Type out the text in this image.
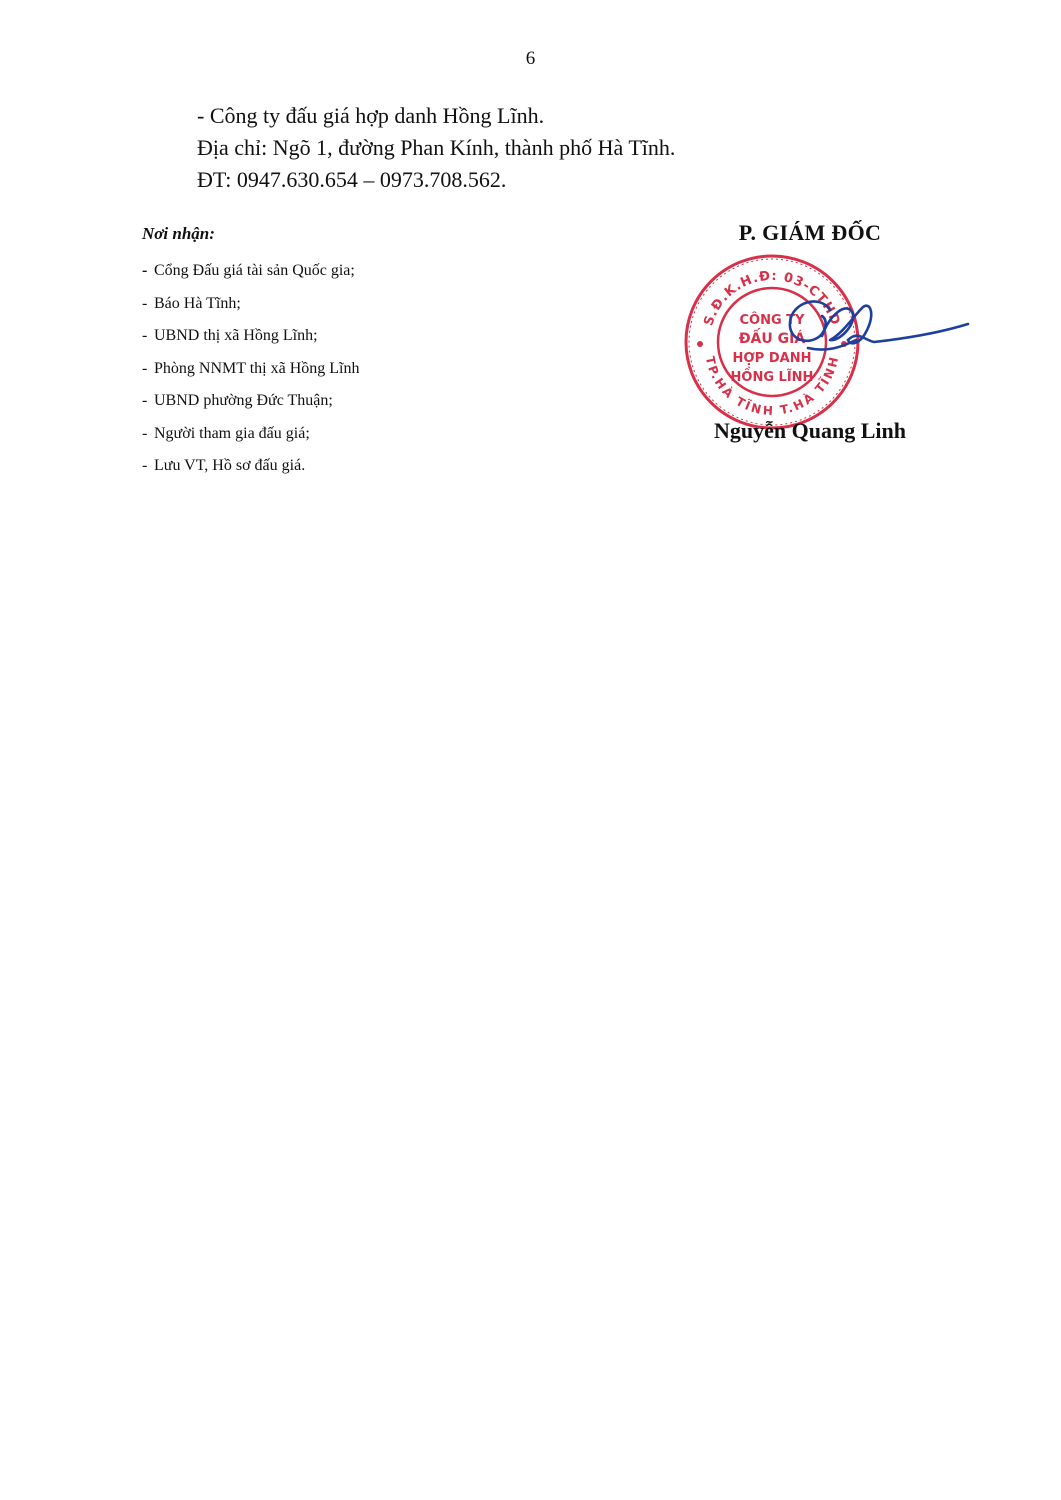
6
- Công ty đấu giá hợp danh Hồng Lĩnh.
Địa chỉ: Ngõ 1, đường Phan Kính, thành phố Hà Tĩnh.
ĐT: 0947.630.654 – 0973.708.562.
Nơi nhận:
- Cổng Đấu giá tài sản Quốc gia;
- Báo Hà Tĩnh;
- UBND thị xã Hồng Lĩnh;
- Phòng NNMT thị xã Hồng Lĩnh
- UBND phường Đức Thuận;
- Người tham gia đấu giá;
- Lưu VT, Hồ sơ đấu giá.
P. GIÁM ĐỐC
S.Đ.K.H.Đ: 03-CTHD
TP.HÀ TĨNH T.HÀ TĨNH
CÔNG TY
ĐẤU GIÁ
HỢP DANH
HỒNG LĨNH
Nguyễn Quang Linh
